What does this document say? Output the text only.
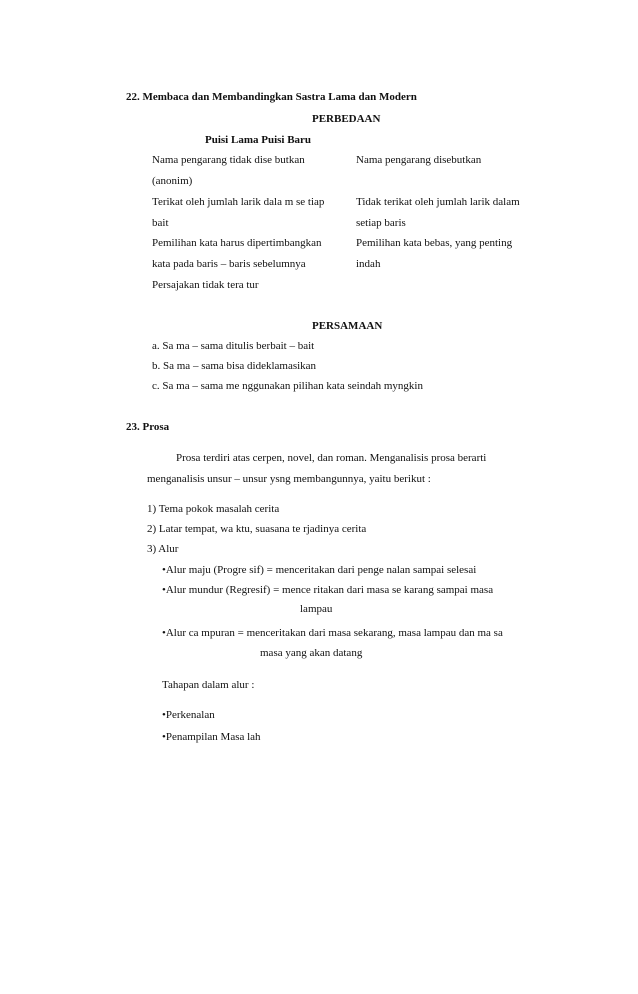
22. Membaca dan Membandingkan Sastra Lama dan Modern
PERBEDAAN
Puisi Lama Puisi Baru
Nama pengarang tidak dise butkan	Nama pengarang disebutkan
(anonim)
Terikat oleh jumlah larik dala m se tiap	Tidak terikat oleh jumlah larik dalam
bait	setiap baris
Pemilihan kata harus dipertimbangkan	Pemilihan kata bebas, yang penting
kata pada baris – baris sebelumnya	indah
Persajakan tidak tera tur
PERSAMAAN
a. Sa ma – sama ditulis berbait – bait
b. Sa ma – sama bisa dideklamasikan
c. Sa ma – sama me nggunakan pilihan kata seindah myngkin
23. Prosa
Prosa terdiri atas cerpen, novel, dan roman. Menganalisis prosa berarti
menganalisis unsur – unsur ysng membangunnya, yaitu berikut :
1) Tema pokok masalah cerita
2) Latar tempat, wa ktu, suasana te rjadinya cerita
3) Alur
•Alur maju (Progre sif) = menceritakan dari penge nalan sampai selesai
•Alur mundur (Regresif) = mence ritakan dari masa se karang sampai masa
lampau
•Alur ca mpuran = menceritakan dari masa sekarang, masa lampau dan ma sa
masa yang akan datang
Tahapan dalam alur :
•Perkenalan
•Penampilan Masa lah
